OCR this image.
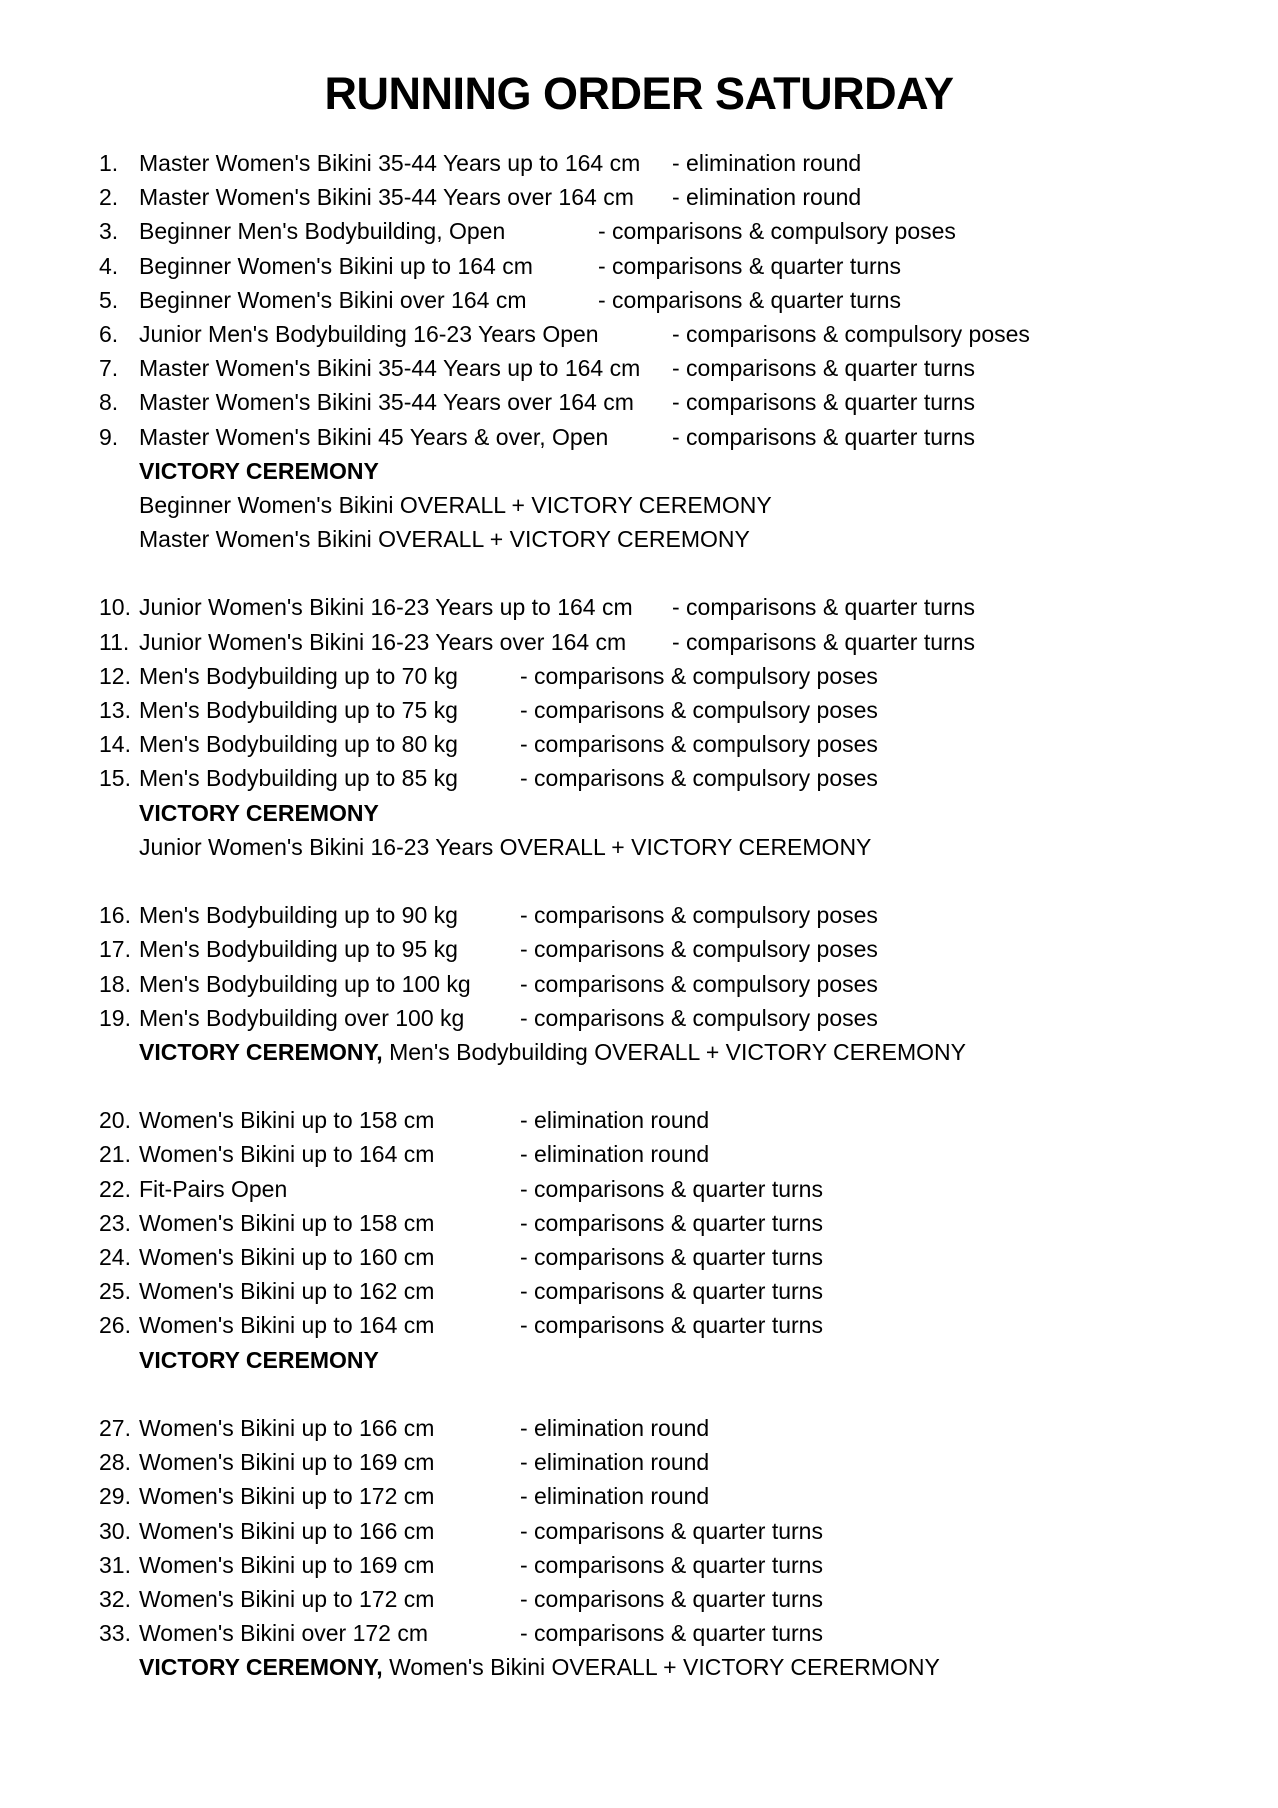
RUNNING ORDER SATURDAY
1. Master Women's Bikini 35-44 Years up to 164 cm - elimination round
2. Master Women's Bikini 35-44 Years over 164 cm - elimination round
3. Beginner Men's Bodybuilding, Open	- comparisons & compulsory poses
4. Beginner Women's Bikini up to 164 cm	- comparisons & quarter turns
5. Beginner Women's Bikini over 164 cm	- comparisons & quarter turns
6. Junior Men's Bodybuilding 16-23 Years Open	- comparisons & compulsory poses
7. Master Women's Bikini 35-44 Years up to 164 cm - comparisons & quarter turns
8. Master Women's Bikini 35-44 Years over 164 cm - comparisons & quarter turns
9. Master Women's Bikini 45 Years & over, Open	- comparisons & quarter turns
VICTORY CEREMONY
Beginner Women's Bikini OVERALL + VICTORY CEREMONY
Master Women's Bikini OVERALL + VICTORY CEREMONY
10. Junior Women's Bikini 16-23 Years up to 164 cm - comparisons & quarter turns
11. Junior Women's Bikini 16-23 Years over 164 cm - comparisons & quarter turns
12. Men's Bodybuilding up to 70 kg	- comparisons & compulsory poses
13. Men's Bodybuilding up to 75 kg	- comparisons & compulsory poses
14. Men's Bodybuilding up to 80 kg	- comparisons & compulsory poses
15. Men's Bodybuilding up to 85 kg	- comparisons & compulsory poses
VICTORY CEREMONY
Junior Women's Bikini 16-23 Years OVERALL + VICTORY CEREMONY
16. Men's Bodybuilding up to 90 kg	- comparisons & compulsory poses
17. Men's Bodybuilding up to 95 kg	- comparisons & compulsory poses
18. Men's Bodybuilding up to 100 kg - comparisons & compulsory poses
19. Men's Bodybuilding over 100 kg - comparisons & compulsory poses
VICTORY CEREMONY, Men's Bodybuilding OVERALL + VICTORY CEREMONY
20. Women's Bikini up to 158 cm	- elimination round
21. Women's Bikini up to 164 cm	- elimination round
22. Fit-Pairs Open	- comparisons & quarter turns
23. Women's Bikini up to 158 cm	- comparisons & quarter turns
24. Women's Bikini up to 160 cm	- comparisons & quarter turns
25. Women's Bikini up to 162 cm	- comparisons & quarter turns
26. Women's Bikini up to 164 cm	- comparisons & quarter turns
VICTORY CEREMONY
27. Women's Bikini up to 166 cm	- elimination round
28. Women's Bikini up to 169 cm	- elimination round
29. Women's Bikini up to 172 cm	- elimination round
30. Women's Bikini up to 166 cm	- comparisons & quarter turns
31. Women's Bikini up to 169 cm	- comparisons & quarter turns
32. Women's Bikini up to 172 cm	- comparisons & quarter turns
33. Women's Bikini over 172 cm	- comparisons & quarter turns
VICTORY CEREMONY, Women's Bikini OVERALL + VICTORY CERERMONY
